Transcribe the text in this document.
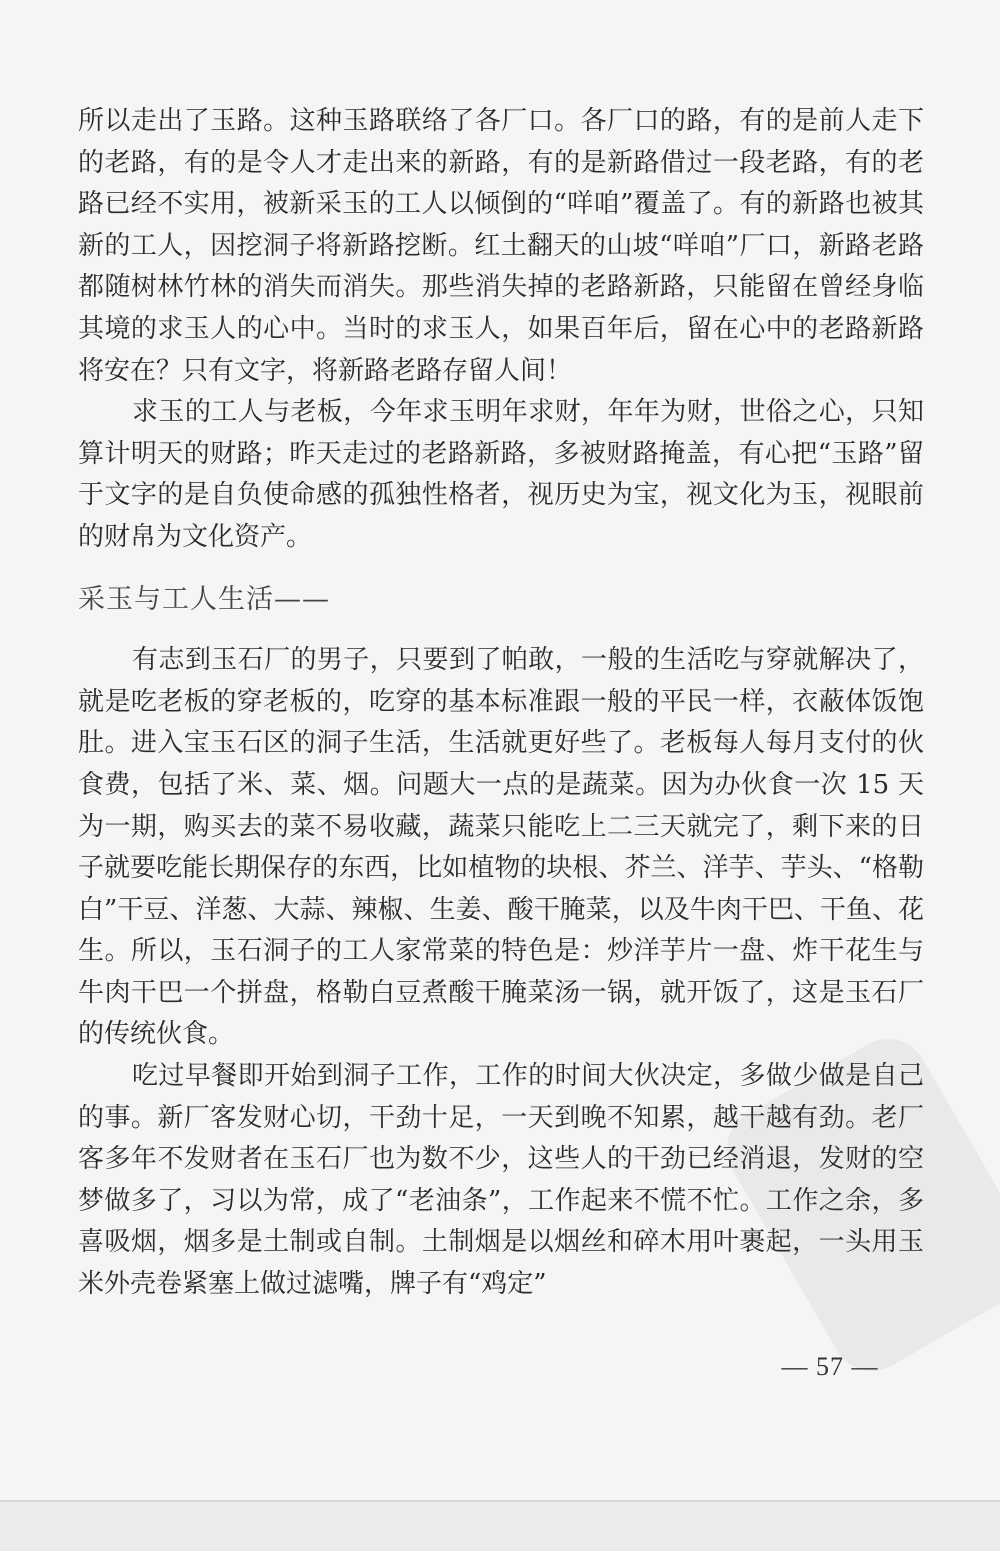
所以走出了玉路。这种玉路联络了各厂口。各厂口的路，有的是前人走下的老路，有的是令人才走出来的新路，有的是新路借过一段老路，有的老路已经不实用，被新采玉的工人以倾倒的“咩咱”覆盖了。有的新路也被其新的工人，因挖洞子将新路挖断。红土翻天的山坡“咩咱”厂口，新路老路都随树林竹林的消失而消失。那些消失掉的老路新路，只能留在曾经身临其境的求玉人的心中。当时的求玉人，如果百年后，留在心中的老路新路将安在？只有文字，将新路老路存留人间！

求玉的工人与老板，今年求玉明年求财，年年为财，世俗之心，只知算计明天的财路；昨天走过的老路新路，多被财路掩盖，有心把“玉路”留于文字的是自负使命感的孤独性格者，视历史为宝，视文化为玉，视眼前的财帛为文化资产。

采玉与工人生活——

有志到玉石厂的男子，只要到了帕敢，一般的生活吃与穿就解决了，就是吃老板的穿老板的，吃穿的基本标准跟一般的平民一样，衣蔽体饭饱肚。进入宝玉石区的洞子生活，生活就更好些了。老板每人每月支付的伙食费，包括了米、菜、烟。问题大一点的是蔬菜。因为办伙食一次 15 天为一期，购买去的菜不易收藏，蔬菜只能吃上二三天就完了，剩下来的日子就要吃能长期保存的东西，比如植物的块根、芥兰、洋芋、芋头、“格勒白”干豆、洋葱、大蒜、辣椒、生姜、酸干腌菜，以及牛肉干巴、干鱼、花生。所以，玉石洞子的工人家常菜的特色是：炒洋芋片一盘、炸干花生与牛肉干巴一个拼盘，格勒白豆煮酸干腌菜汤一锅，就开饭了，这是玉石厂的传统伙食。

吃过早餐即开始到洞子工作，工作的时间大伙决定，多做少做是自己的事。新厂客发财心切，干劲十足，一天到晚不知累，越干越有劲。老厂客多年不发财者在玉石厂也为数不少，这些人的干劲已经消退，发财的空梦做多了，习以为常，成了“老油条”，工作起来不慌不忙。工作之余，多喜吸烟，烟多是土制或自制。土制烟是以烟丝和碎木用叶裹起，一头用玉米外壳卷紧塞上做过滤嘴，牌子有“鸡定”

— 57 —
